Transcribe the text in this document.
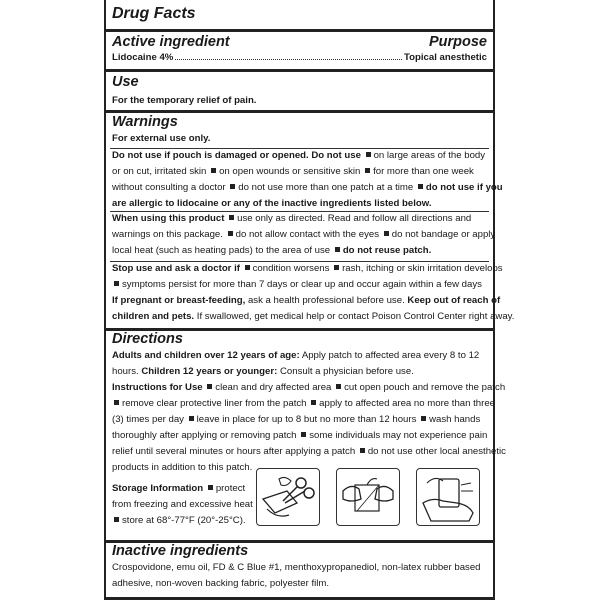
Drug Facts
Active ingredient	Purpose
Lidocaine 4%	Topical anesthetic
Use
For the temporary relief of pain.
Warnings
For external use only.
Do not use if pouch is damaged or opened. Do not use on large areas of the body
or on cut, irritated skin on open wounds or sensitive skin for more than one week
without consulting a doctor do not use more than one patch at a time do not use if you
are allergic to lidocaine or any of the inactive ingredients listed below.
When using this product use only as directed. Read and follow all directions and
warnings on this package. do not allow contact with the eyes do not bandage or apply
local heat (such as heating pads) to the area of use do not reuse patch.
Stop use and ask a doctor if condition worsens rash, itching or skin irritation develops
symptoms persist for more than 7 days or clear up and occur again within a few days
If pregnant or breast-feeding, ask a health professional before use. Keep out of reach of
children and pets. If swallowed, get medical help or contact Poison Control Center right away.
Directions
Adults and children over 12 years of age: Apply patch to affected area every 8 to 12
hours. Children 12 years or younger: Consult a physician before use.
Instructions for Use clean and dry affected area cut open pouch and remove the patch
remove clear protective liner from the patch apply to affected area no more than three
(3) times per day leave in place for up to 8 but no more than 12 hours wash hands
thoroughly after applying or removing patch some individuals may not experience pain
relief until several minutes or hours after applying a patch do not use other local anesthetic
products in addition to this patch.
Storage Information protect
from freezing and excessive heat
store at 68°-77°F (20°-25°C).
Inactive ingredients
Crospovidone, emu oil, FD & C Blue #1, menthoxypropanediol, non-latex rubber based
adhesive, non-woven backing fabric, polyester film.
